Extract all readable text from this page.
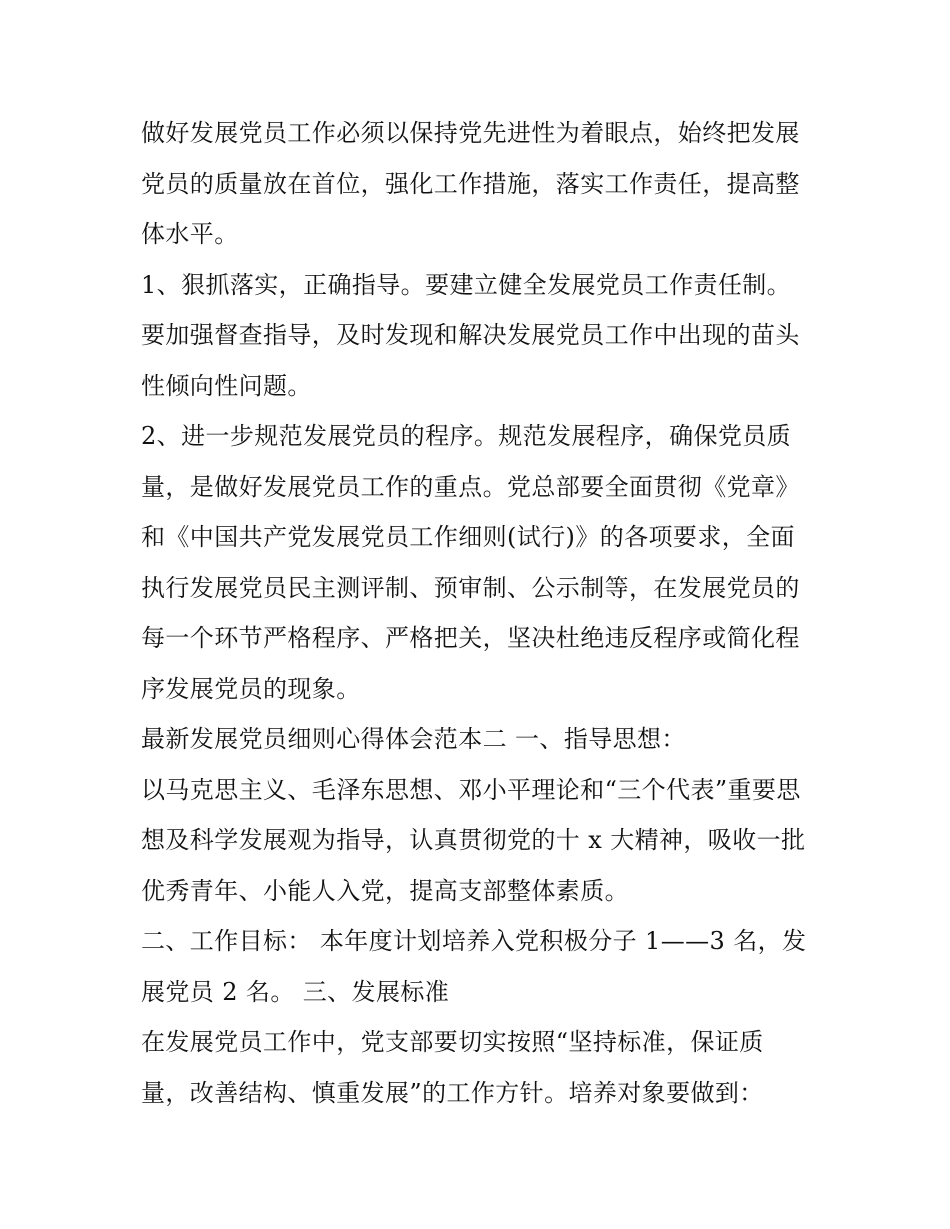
做好发展党员工作必须以保持党先进性为着眼点，始终把发展
党员的质量放在首位，强化工作措施，落实工作责任，提高整
体水平。
1、狠抓落实，正确指导。要建立健全发展党员工作责任制。
要加强督查指导，及时发现和解决发展党员工作中出现的苗头
性倾向性问题。
2、进一步规范发展党员的程序。规范发展程序，确保党员质
量，是做好发展党员工作的重点。党总部要全面贯彻《党章》
和《中国共产党发展党员工作细则(试行)》的各项要求，全面
执行发展党员民主测评制、预审制、公示制等，在发展党员的
每一个环节严格程序、严格把关，坚决杜绝违反程序或简化程
序发展党员的现象。
最新发展党员细则心得体会范本二 一、指导思想：
以马克思主义、毛泽东思想、邓小平理论和“三个代表”重要思
想及科学发展观为指导，认真贯彻党的十 x 大精神，吸收一批
优秀青年、小能人入党，提高支部整体素质。
二、工作目标： 本年度计划培养入党积极分子 1——3 名，发
展党员 2 名。 三、发展标准
在发展党员工作中，党支部要切实按照“坚持标准，保证质
量，改善结构、慎重发展”的工作方针。培养对象要做到：
